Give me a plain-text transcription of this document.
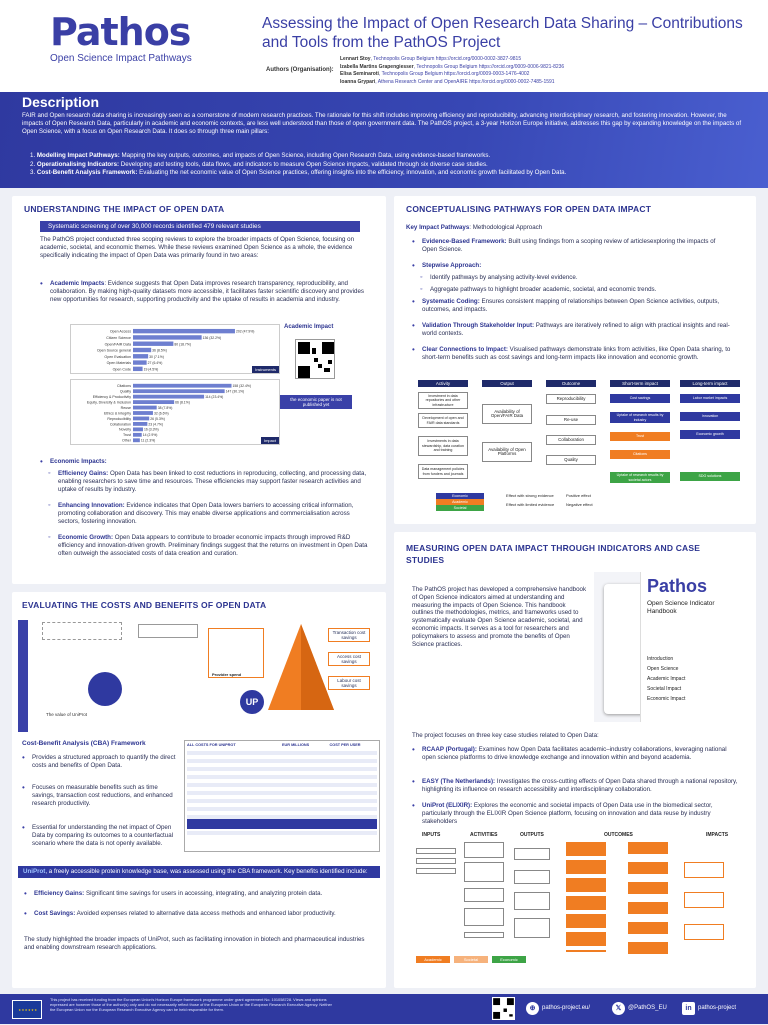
Pathos
Open Science Impact Pathways
Assessing the Impact of Open Research Data Sharing – Contributions and Tools from the PathOS Project
Authors (Organisation):
Lennart Stoy, Technopolis Group Belgium https://orcid.org/0000-0002-3827-9815
Izabella Martins Grapengiesser, Technopolis Group Belgium https://orcid.org/0009-0006-9821-8236
Elisa Seminaroti, Technopolis Group Belgium https://orcid.org/0009-0003-1476-4002
Ioanna Grypari, Athena Research Center and OpenAIRE https://orcid.org/0000-0002-7485-1591
Description
FAIR and Open research data sharing is increasingly seen as a cornerstone of modern research practices. The rationale for this shift includes improving efficiency and reproducibility, advancing interdisciplinary research, and fostering innovation. However, the impacts of Open Research Data, particularly in academic and economic contexts, are less well understood than those of open government data. The PathOS project, a 3-year Horizon Europe initiative, addresses this gap by expanding knowledge on the impacts of Open Science, with a focus on Open Research Data. It does so through three main pillars:
1. Modelling Impact Pathways: Mapping the key outputs, outcomes, and impacts of Open Science, including Open Research Data, using evidence-based frameworks.
2. Operationalising Indicators: Developing and testing tools, data flows, and indicators to measure Open Science impacts, validated through six diverse case studies.
3. Cost-Benefit Analysis Framework: Evaluating the net economic value of Open Science practices, offering insights into the efficiency, innovation, and economic growth facilitated by Open Data.
UNDERSTANDING THE IMPACT OF OPEN DATA
Systematic screening of over 30,000 records identified 479 relevant studies
The PathOS project conducted three scoping reviews to explore the broader impacts of Open Science, focusing on academic, societal, and economic themes. While these reviews examined Open Science as a whole, the evidence specifically indicating the impact of Open Data was primarily found in two areas:
• Academic Impacts: Evidence suggests that Open Data improves research transparency, reproducibility, and collaboration. By making high-quality datasets more accessible, it facilitates faster scientific discovery and provides new opportunities for research, supporting productivity and the uptake of results in academia and industry.
Open Access	202 (47.9%)
Citizen Science	136 (32.2%)
Open/FAIR Data	80 (18.7%)
Open Source general	36 (8.5%)
Open Evaluation	30 (7.1%)
Open Materials	27 (6.4%)
Open Code	19 (4.5%)	Instruments
Citations	158 (32.4%)
Quality	147 (30.1%)
Efficiency & Productivity	114 (23.4%)
Equity, Diversity & Inclusion	66 (8.1%)
Reuse	38 (7.8%)
Ethics & Integrity	32 (6.6%)
Reproducibility	26 (5.3%)
Collaboration	23 (4.7%)
Novelty	16 (3.3%)
Trust	14 (2.9%)
Other	11 (2.3%)	Impact
Academic Impact
the economic paper is not published yet
• Economic Impacts:
◦ Efficiency Gains: Open Data has been linked to cost reductions in reproducing, collecting, and processing data, enabling researchers to save time and resources. These efficiencies may support faster research activities and uptake of results by industry.
◦ Enhancing Innovation: Evidence indicates that Open Data lowers barriers to accessing critical information, promoting collaboration and discovery. This may enable diverse applications and commercialisation across sectors, fostering innovation.
◦ Economic Growth: Open Data appears to contribute to broader economic impacts through improved R&D efficiency and innovation-driven growth. Preliminary findings suggest that the returns on investment in Open Data often outweigh the associated costs of data creation and curation.
EVALUATING THE COSTS AND BENEFITS OF OPEN DATA
The value of UniProt
Provider spend
UP
Transaction cost savings
Access cost savings
Labour cost savings
Cost-Benefit Analysis (CBA) Framework
• Provides a structured approach to quantify the direct costs and benefits of Open Data.
• Focuses on measurable benefits such as time savings, transaction cost reductions, and enhanced research productivity.
• Essential for understanding the net impact of Open Data by comparing its outcomes to a counterfactual scenario where the data is not openly available.
ALL COSTS FOR UNIPROT	EUR MILLIONS	COST PER USER
UniProt, a freely accessible protein knowledge base, was assessed using the CBA framework. Key benefits identified include:
• Efficiency Gains: Significant time savings for users in accessing, integrating, and analyzing protein data.
• Cost Savings: Avoided expenses related to alternative data access methods and enhanced labor productivity.
The study highlighted the broader impacts of UniProt, such as facilitating innovation in biotech and pharmaceutical industries and enabling downstream research applications.
CONCEPTUALISING PATHWAYS FOR OPEN DATA IMPACT
Key Impact Pathways: Methodological Approach
• Evidence-Based Framework: Built using findings from a scoping review of articlesexploring the impacts of Open Science.
• Stepwise Approach:
◦ Identify pathways by analysing activity-level evidence.
◦ Aggregate pathways to highlight broader academic, societal, and economic trends.
• Systematic Coding: Ensures consistent mapping of relationships between Open Science activities, outputs, outcomes, and impacts.
• Validation Through Stakeholder Input: Pathways are iteratively refined to align with practical insights and real-world contexts.
• Clear Connections to Impact: Visualised pathways demonstrate links from activities, like Open Data sharing, to short-term benefits such as cost savings and long-term impacts like innovation and economic growth.
Activity	Output	Outcome	Short-term impact	Long-term impact
Investment in data repositories and other infrastructure
Development of open and FAIR data standards
Investments in data stewardship, data curation and training
Data management policies from funders and journals
Availability of Open/FAIR Data
Availability of Open Platforms
Reproducibility
Re-use
Collaboration
Quality
Cost savings
Uptake of research results by industry
Trust
Citations
Uptake of research results by societal actors
Labor market impacts
Innovation
Economic growth
SDG solutions
Economic
Academic
Societal
Effect with strong evidence
Effect with limited evidence
Positive effect
Negative effect
MEASURING OPEN DATA IMPACT THROUGH INDICATORS AND CASE STUDIES
The PathOS project has developed a comprehensive handbook of Open Science indicators aimed at understanding and measuring the impacts of Open Science. This handbook outlines the methodologies, metrics, and frameworks used to systematically evaluate Open Science academic, societal, and economic impacts. It serves as a tool for researchers and policymakers to assess and promote the benefits of Open Science practices.
Pathos
Open Science Indicator Handbook
Introduction
Open Science
Academic Impact
Societal Impact
Economic Impact
The project focuses on three key case studies related to Open Data:
• RCAAP (Portugal): Examines how Open Data facilitates academic–industry collaborations, leveraging national open science platforms to drive knowledge exchange and innovation within and beyond academia.
• EASY (The Netherlands): Investigates the cross-cutting effects of Open Data shared through a national repository, highlighting its influence on research accessibility and interdisciplinary collaboration.
• UniProt (ELIXIR): Explores the economic and societal impacts of Open Data use in the biomedical sector, particularly through the ELIXIR Open Science platform, focusing on innovation and data reuse by industry stakeholders
INPUTS	ACTIVITIES	OUTPUTS	OUTCOMES	IMPACTS
Academic	Societal	Economic
★★★★★★
This project has received funding from the European Union's Horizon Europe framework programme under grant agreement No. 101058728. Views and opinions expressed are however those of the author(s) only and do not necessarily reflect those of the European Union or the European Research Executive Agency. Neither the European Union nor the European Research Executive Agency can be held responsible for them.	⊕	pathos-project.eu/	𝕏	@PathOS_EU	in	pathos-project
